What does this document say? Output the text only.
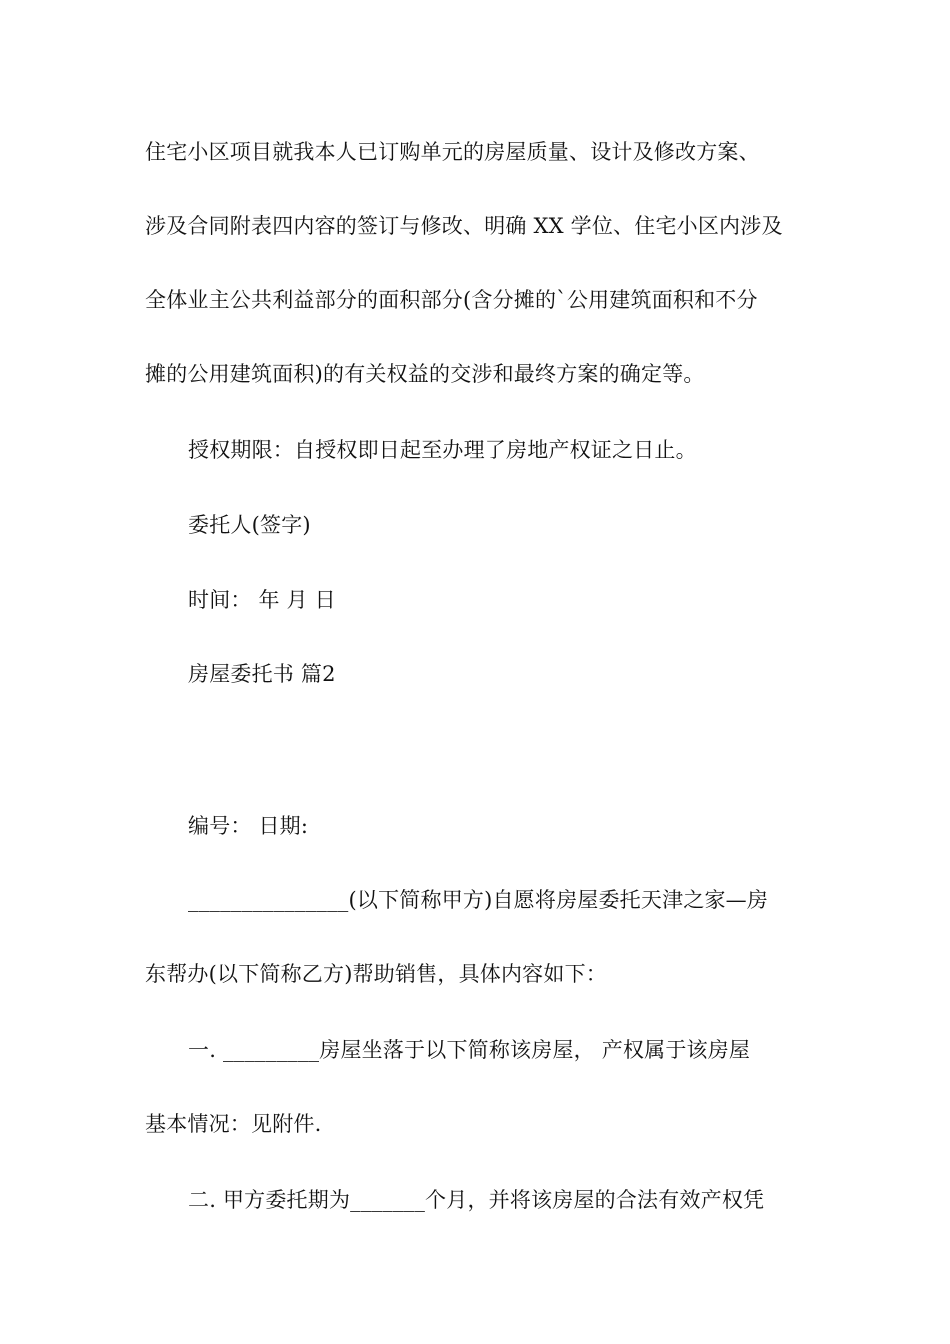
住宅小区项目就我本人已订购单元的房屋质量、设计及修改方案、
涉及合同附表四内容的签订与修改、明确 XX 学位、住宅小区内涉及
全体业主公共利益部分的面积部分(含分摊的`公用建筑面积和不分
摊的公用建筑面积)的有关权益的交涉和最终方案的确定等。
授权期限：自授权即日起至办理了房地产权证之日止。
委托人(签字)
时间： 年 月 日
房屋委托书 篇2
编号： 日期:
_______________(以下简称甲方)自愿将房屋委托天津之家—房
东帮办(以下简称乙方)帮助销售，具体内容如下：
一. _________房屋坐落于以下简称该房屋， 产权属于该房屋
基本情况：见附件.
二. 甲方委托期为_______个月，并将该房屋的合法有效产权凭
